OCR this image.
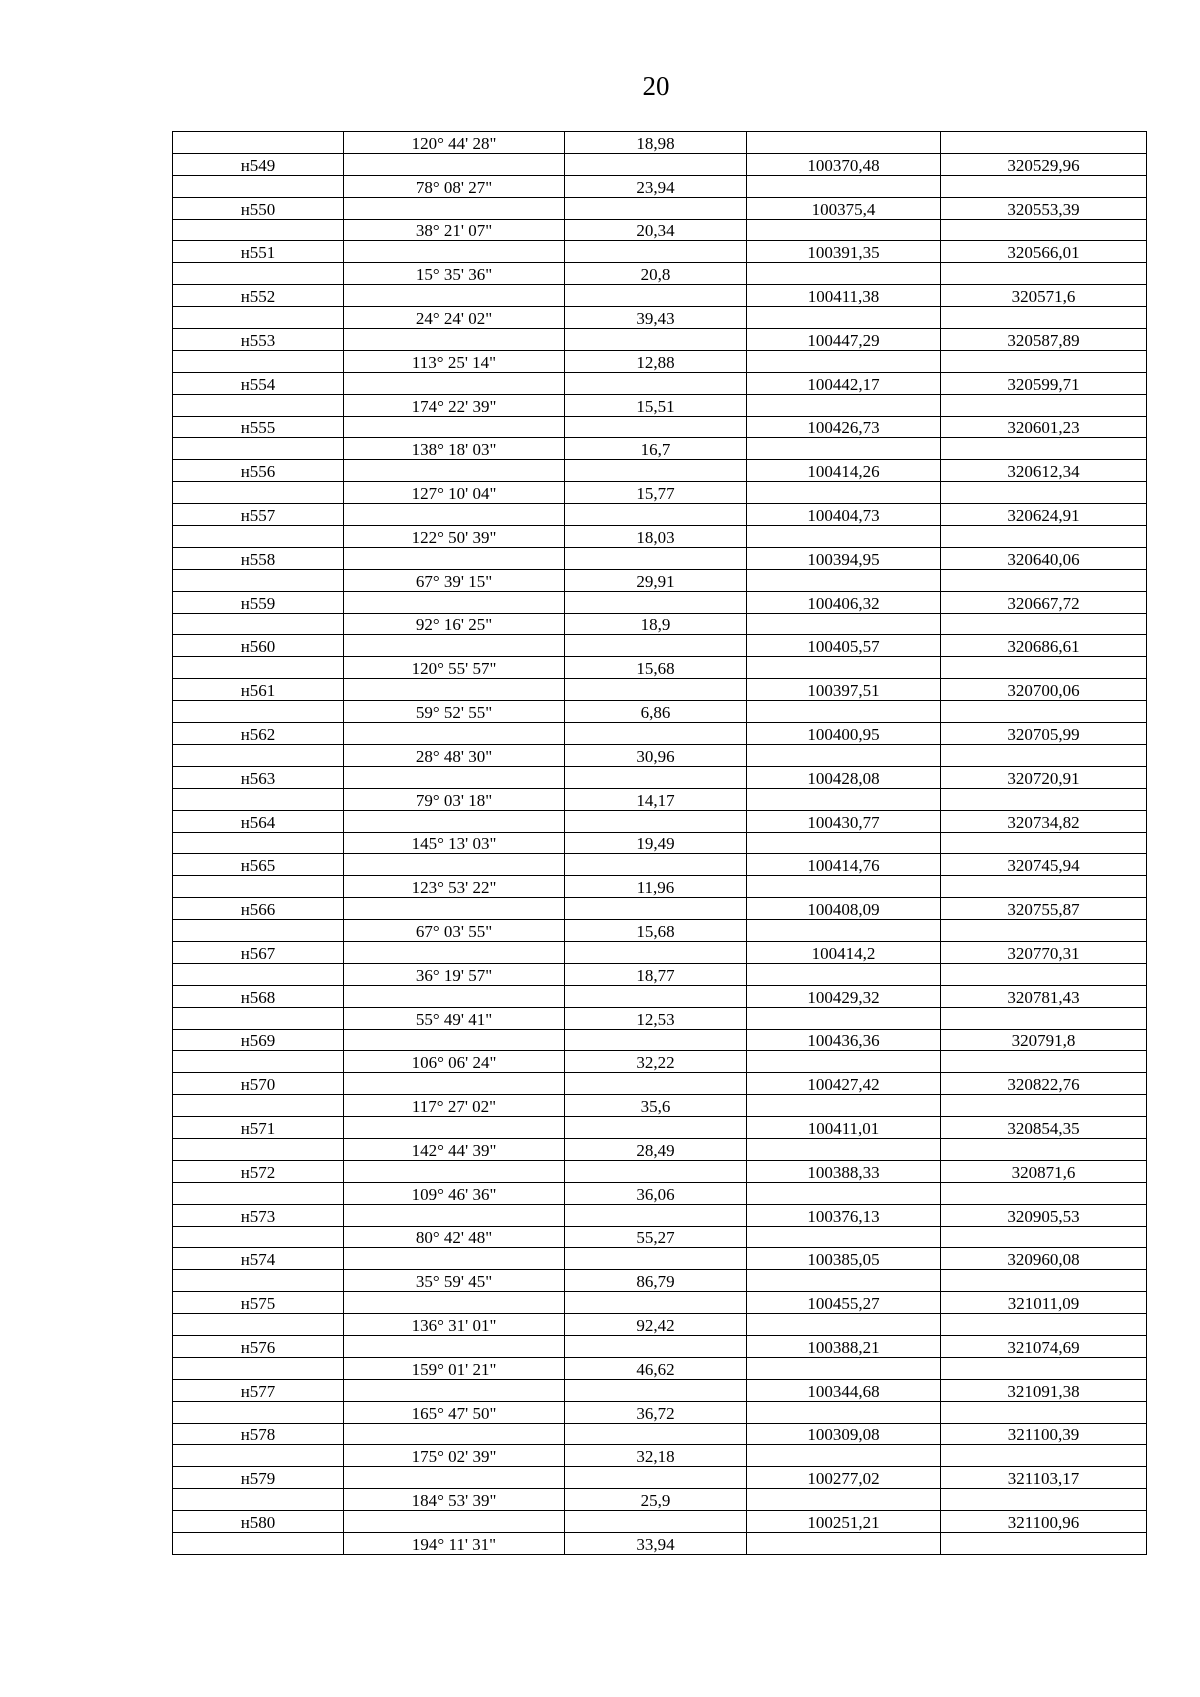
20
	120° 44' 28"	18,98		
н549			100370,48	320529,96
	78° 08' 27"	23,94		
н550			100375,4	320553,39
	38° 21' 07"	20,34		
н551			100391,35	320566,01
	15° 35' 36"	20,8		
н552			100411,38	320571,6
	24° 24' 02"	39,43		
н553			100447,29	320587,89
	113° 25' 14"	12,88		
н554			100442,17	320599,71
	174° 22' 39"	15,51		
н555			100426,73	320601,23
	138° 18' 03"	16,7		
н556			100414,26	320612,34
	127° 10' 04"	15,77		
н557			100404,73	320624,91
	122° 50' 39"	18,03		
н558			100394,95	320640,06
	67° 39' 15"	29,91		
н559			100406,32	320667,72
	92° 16' 25"	18,9		
н560			100405,57	320686,61
	120° 55' 57"	15,68		
н561			100397,51	320700,06
	59° 52' 55"	6,86		
н562			100400,95	320705,99
	28° 48' 30"	30,96		
н563			100428,08	320720,91
	79° 03' 18"	14,17		
н564			100430,77	320734,82
	145° 13' 03"	19,49		
н565			100414,76	320745,94
	123° 53' 22"	11,96		
н566			100408,09	320755,87
	67° 03' 55"	15,68		
н567			100414,2	320770,31
	36° 19' 57"	18,77		
н568			100429,32	320781,43
	55° 49' 41"	12,53		
н569			100436,36	320791,8
	106° 06' 24"	32,22		
н570			100427,42	320822,76
	117° 27' 02"	35,6		
н571			100411,01	320854,35
	142° 44' 39"	28,49		
н572			100388,33	320871,6
	109° 46' 36"	36,06		
н573			100376,13	320905,53
	80° 42' 48"	55,27		
н574			100385,05	320960,08
	35° 59' 45"	86,79		
н575			100455,27	321011,09
	136° 31' 01"	92,42		
н576			100388,21	321074,69
	159° 01' 21"	46,62		
н577			100344,68	321091,38
	165° 47' 50"	36,72		
н578			100309,08	321100,39
	175° 02' 39"	32,18		
н579			100277,02	321103,17
	184° 53' 39"	25,9		
н580			100251,21	321100,96
	194° 11' 31"	33,94		
